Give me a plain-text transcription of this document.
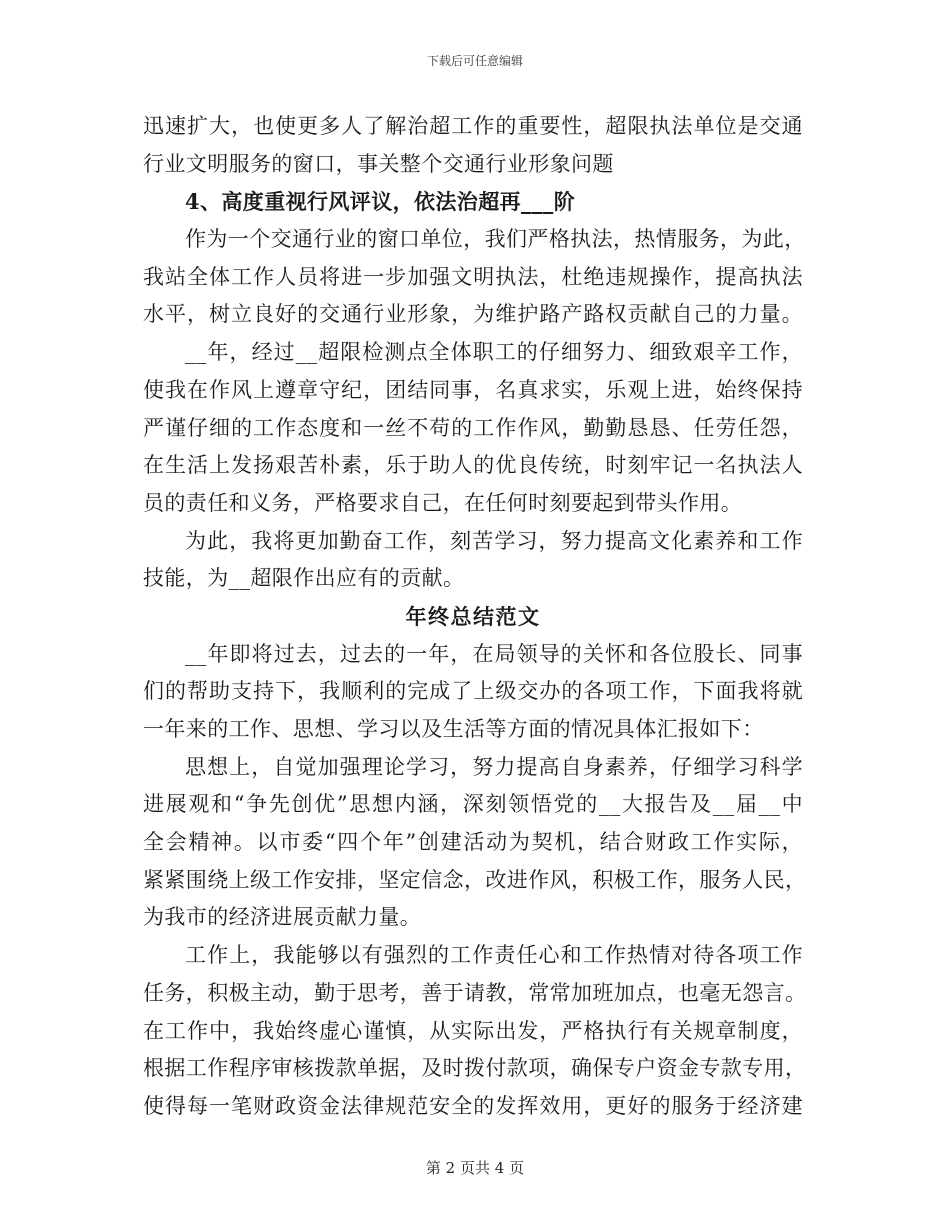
下载后可任意编辑
迅速扩大，也使更多人了解治超工作的重要性，超限执法单位是交通
行业文明服务的窗口，事关整个交通行业形象问题
4、高度重视行风评议，依法治超再___阶
作为一个交通行业的窗口单位，我们严格执法，热情服务，为此，
我站全体工作人员将进一步加强文明执法，杜绝违规操作，提高执法
水平，树立良好的交通行业形象，为维护路产路权贡献自己的力量。
__年，经过__超限检测点全体职工的仔细努力、细致艰辛工作，
使我在作风上遵章守纪，团结同事，名真求实，乐观上进，始终保持
严谨仔细的工作态度和一丝不苟的工作作风，勤勤恳恳、任劳任怨，
在生活上发扬艰苦朴素，乐于助人的优良传统，时刻牢记一名执法人
员的责任和义务，严格要求自己，在任何时刻要起到带头作用。
为此，我将更加勤奋工作，刻苦学习，努力提高文化素养和工作
技能，为__超限作出应有的贡献。
年终总结范文
__年即将过去，过去的一年，在局领导的关怀和各位股长、同事
们的帮助支持下，我顺利的完成了上级交办的各项工作，下面我将就
一年来的工作、思想、学习以及生活等方面的情况具体汇报如下：
思想上，自觉加强理论学习，努力提高自身素养，仔细学习科学
进展观和“争先创优”思想内涵，深刻领悟党的__大报告及__届__中
全会精神。以市委“四个年”创建活动为契机，结合财政工作实际，
紧紧围绕上级工作安排，坚定信念，改进作风，积极工作，服务人民，
为我市的经济进展贡献力量。
工作上，我能够以有强烈的工作责任心和工作热情对待各项工作
任务，积极主动，勤于思考，善于请教，常常加班加点，也毫无怨言。
在工作中，我始终虚心谨慎，从实际出发，严格执行有关规章制度，
根据工作程序审核拨款单据，及时拨付款项，确保专户资金专款专用，
使得每一笔财政资金法律规范安全的发挥效用，更好的服务于经济建
第 2 页共 4 页
